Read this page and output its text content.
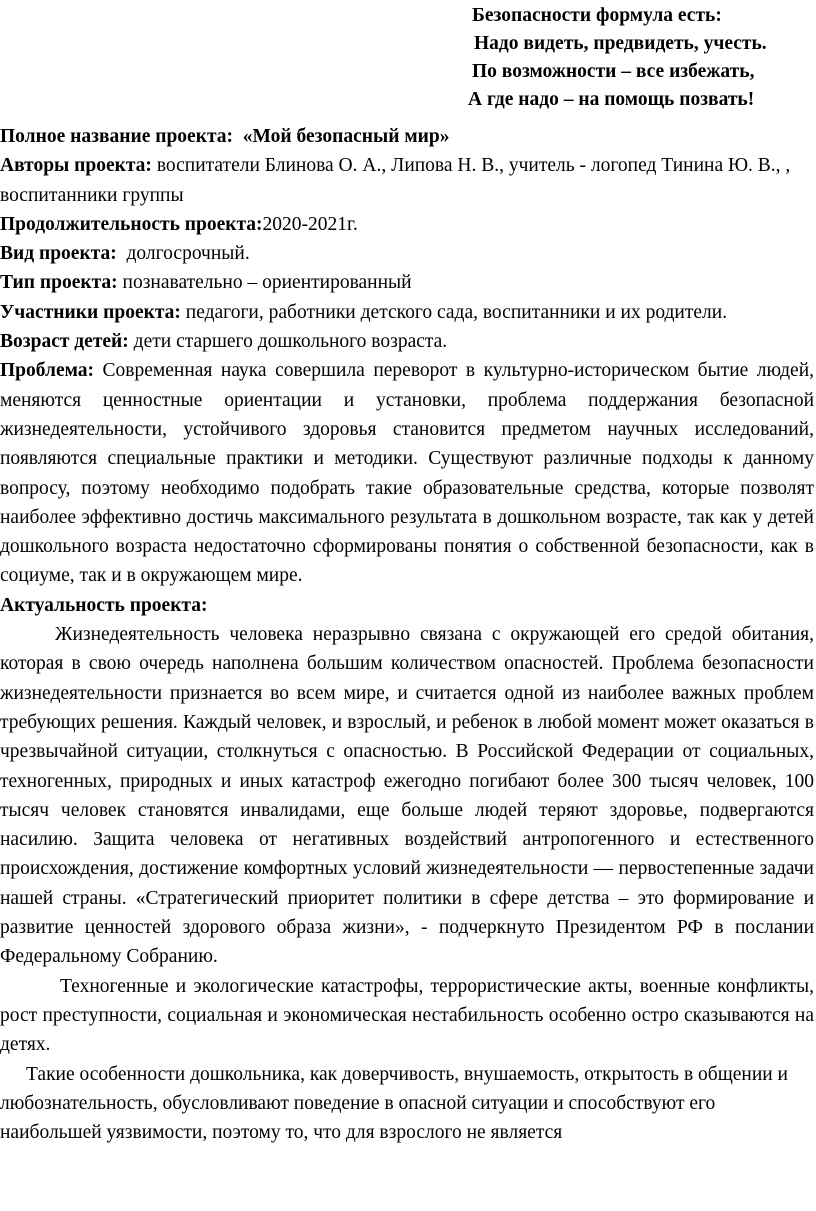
Безопасности формула есть:
Надо видеть, предвидеть, учесть.
По возможности – все избежать,
А где надо – на помощь позвать!

Полное название проекта: «Мой безопасный мир»

Авторы проекта: воспитатели Блинова О. А., Липова Н. В., учитель - логопед Тинина Ю. В., , воспитанники группы

Продолжительность проекта:2020-2021г.

Вид проекта: долгосрочный.

Тип проекта: познавательно – ориентированный

Участники проекта: педагоги, работники детского сада, воспитанники и их родители.

Возраст детей: дети старшего дошкольного возраста.

Проблема: Современная наука совершила переворот в культурно-историческом бытие людей, меняются ценностные ориентации и установки, проблема поддержания безопасной жизнедеятельности, устойчивого здоровья становится предметом научных исследований, появляются специальные практики и методики. Существуют различные подходы к данному вопросу, поэтому необходимо подобрать такие образовательные средства, которые позволят наиболее эффективно достичь максимального результата в дошкольном возрасте, так как у детей дошкольного возраста недостаточно сформированы понятия о собственной безопасности, как в социуме, так и в окружающем мире.

Актуальность проекта:

Жизнедеятельность человека неразрывно связана с окружающей его средой обитания, которая в свою очередь наполнена большим количеством опасностей. Проблема безопасности жизнедеятельности признается во всем мире, и считается одной из наиболее важных проблем требующих решения. Каждый человек, и взрослый, и ребенок в любой момент может оказаться в чрезвычайной ситуации, столкнуться с опасностью. В Российской Федерации от социальных, техногенных, природных и иных катастроф ежегодно погибают более 300 тысяч человек, 100 тысяч человек становятся инвалидами, еще больше людей теряют здоровье, подвергаются насилию. Защита человека от негативных воздействий антропогенного и естественного происхождения, достижение комфортных условий жизнедеятельности — первостепенные задачи нашей страны. «Стратегический приоритет политики в сфере детства – это формирование и развитие ценностей здорового образа жизни», - подчеркнуто Президентом РФ в послании Федеральному Собранию.

Техногенные и экологические катастрофы, террористические акты, военные конфликты, рост преступности, социальная и экономическая нестабильность особенно остро сказываются на детях.

Такие особенности дошкольника, как доверчивость, внушаемость, открытость в общении и любознательность, обусловливают поведение в опасной ситуации и способствуют его наибольшей уязвимости, поэтому то, что для взрослого не является
